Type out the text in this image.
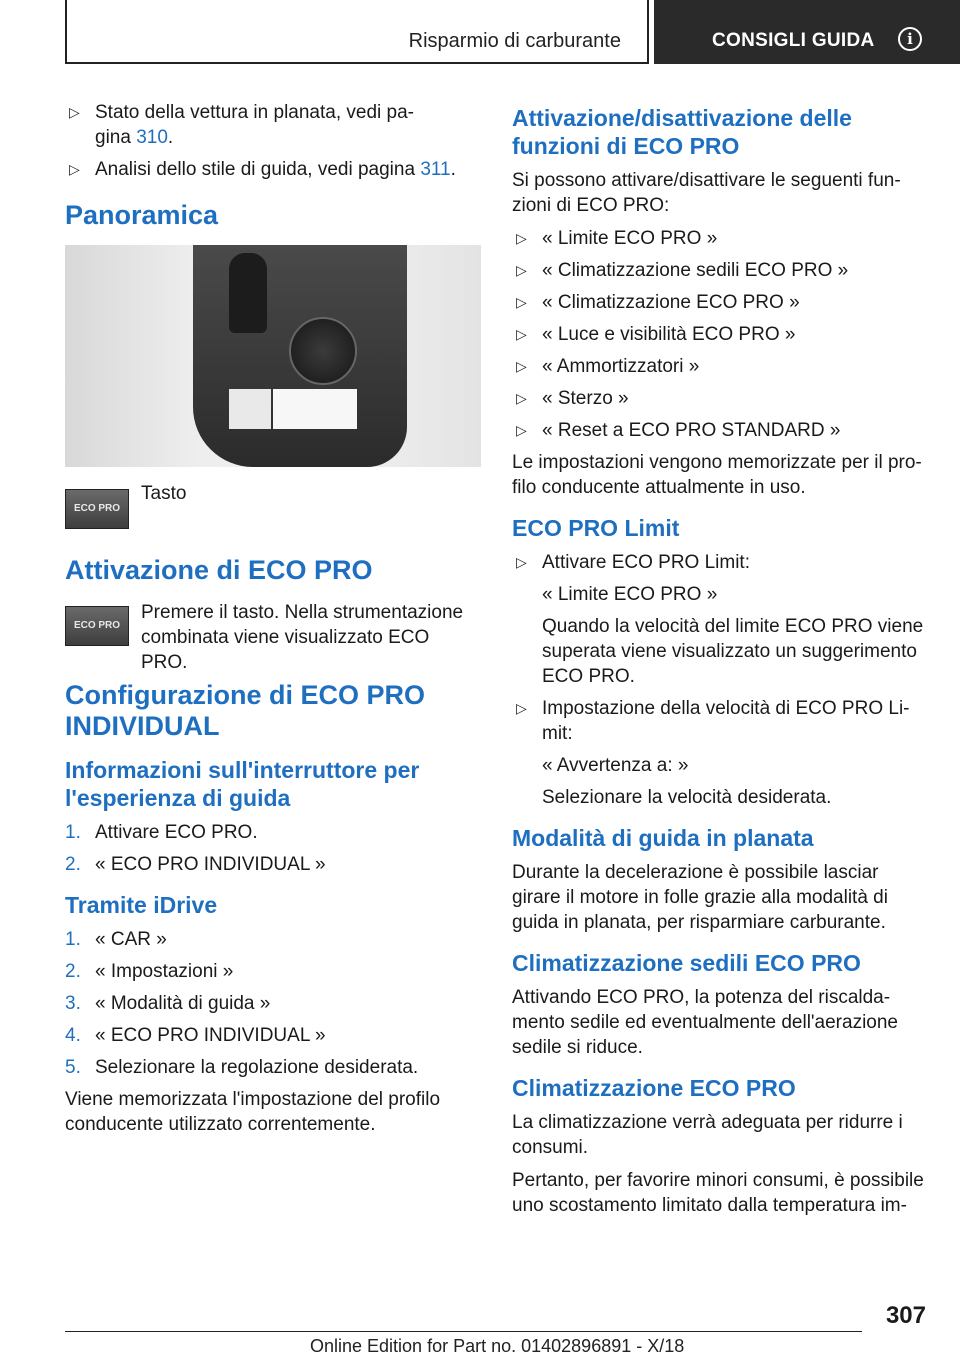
Risparmio di carburante	CONSIGLI GUIDA	i
▷ Stato della vettura in planata, vedi pa-
gina 310.
▷ Analisi dello stile di guida, vedi pagina 311.
Panoramica
ECO PRO
Tasto
Attivazione di ECO PRO
ECO PRO
Premere il tasto. Nella strumentazione combinata viene visualizzato ECO PRO.
Configurazione di ECO PRO INDIVIDUAL
Informazioni sull'interruttore per l'esperienza di guida
1. Attivare ECO PRO.
2. « ECO PRO INDIVIDUAL »
Tramite iDrive
1. « CAR »
2. « Impostazioni »
3. « Modalità di guida »
4. « ECO PRO INDIVIDUAL »
5. Selezionare la regolazione desiderata.

Viene memorizzata l'impostazione del profilo conducente utilizzato correntemente.

Attivazione/disattivazione delle funzioni di ECO PRO

Si possono attivare/disattivare le seguenti fun-zioni di ECO PRO:

▷ « Limite ECO PRO »
▷ « Climatizzazione sedili ECO PRO »
▷ « Climatizzazione ECO PRO »
▷ « Luce e visibilità ECO PRO »
▷ « Ammortizzatori »
▷ « Sterzo »
▷ « Reset a ECO PRO STANDARD »

Le impostazioni vengono memorizzate per il pro-filo conducente attualmente in uso.

ECO PRO Limit
▷ Attivare ECO PRO Limit:
« Limite ECO PRO »
Quando la velocità del limite ECO PRO viene superata viene visualizzato un suggerimento ECO PRO.
▷ Impostazione della velocità di ECO PRO Li-mit:
« Avvertenza a: »
Selezionare la velocità desiderata.
Modalità di guida in planata

Durante la decelerazione è possibile lasciar girare il motore in folle grazie alla modalità di guida in planata, per risparmiare carburante.

Climatizzazione sedili ECO PRO

Attivando ECO PRO, la potenza del riscalda-mento sedile ed eventualmente dell'aerazione sedile si riduce.

Climatizzazione ECO PRO

La climatizzazione verrà adeguata per ridurre i consumi.

Pertanto, per favorire minori consumi, è possibile uno scostamento limitato dalla temperatura im-

307
Online Edition for Part no. 01402896891 - X/18
